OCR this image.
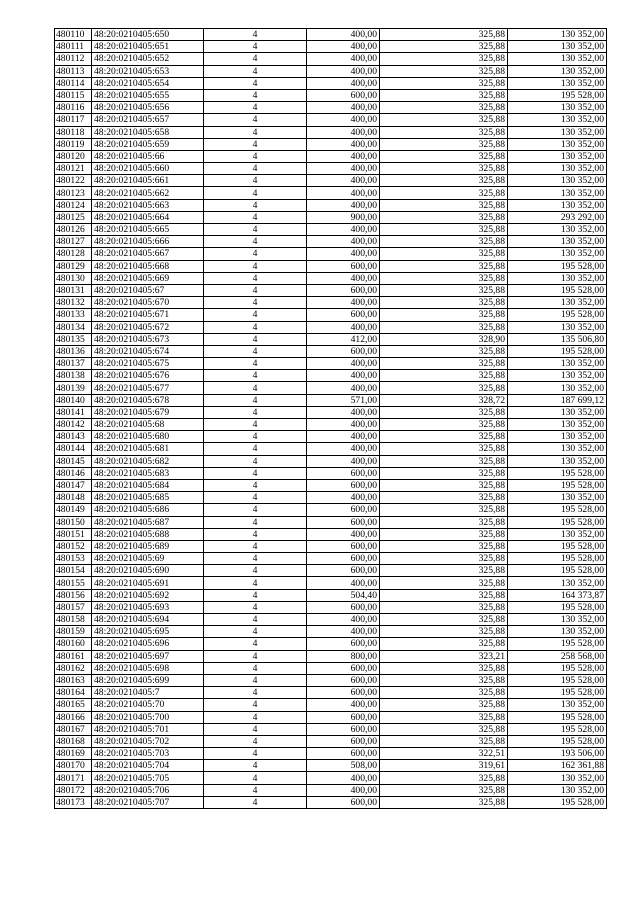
480110	48:20:0210405:650	4	400,00	325,88	130 352,00
480111	48:20:0210405:651	4	400,00	325,88	130 352,00
480112	48:20:0210405:652	4	400,00	325,88	130 352,00
480113	48:20:0210405:653	4	400,00	325,88	130 352,00
480114	48:20:0210405:654	4	400,00	325,88	130 352,00
480115	48:20:0210405:655	4	600,00	325,88	195 528,00
480116	48:20:0210405:656	4	400,00	325,88	130 352,00
480117	48:20:0210405:657	4	400,00	325,88	130 352,00
480118	48:20:0210405:658	4	400,00	325,88	130 352,00
480119	48:20:0210405:659	4	400,00	325,88	130 352,00
480120	48:20:0210405:66	4	400,00	325,88	130 352,00
480121	48:20:0210405:660	4	400,00	325,88	130 352,00
480122	48:20:0210405:661	4	400,00	325,88	130 352,00
480123	48:20:0210405:662	4	400,00	325,88	130 352,00
480124	48:20:0210405:663	4	400,00	325,88	130 352,00
480125	48:20:0210405:664	4	900,00	325,88	293 292,00
480126	48:20:0210405:665	4	400,00	325,88	130 352,00
480127	48:20:0210405:666	4	400,00	325,88	130 352,00
480128	48:20:0210405:667	4	400,00	325,88	130 352,00
480129	48:20:0210405:668	4	600,00	325,88	195 528,00
480130	48:20:0210405:669	4	400,00	325,88	130 352,00
480131	48:20:0210405:67	4	600,00	325,88	195 528,00
480132	48:20:0210405:670	4	400,00	325,88	130 352,00
480133	48:20:0210405:671	4	600,00	325,88	195 528,00
480134	48:20:0210405:672	4	400,00	325,88	130 352,00
480135	48:20:0210405:673	4	412,00	328,90	135 506,80
480136	48:20:0210405:674	4	600,00	325,88	195 528,00
480137	48:20:0210405:675	4	400,00	325,88	130 352,00
480138	48:20:0210405:676	4	400,00	325,88	130 352,00
480139	48:20:0210405:677	4	400,00	325,88	130 352,00
480140	48:20:0210405:678	4	571,00	328,72	187 699,12
480141	48:20:0210405:679	4	400,00	325,88	130 352,00
480142	48:20:0210405:68	4	400,00	325,88	130 352,00
480143	48:20:0210405:680	4	400,00	325,88	130 352,00
480144	48:20:0210405:681	4	400,00	325,88	130 352,00
480145	48:20:0210405:682	4	400,00	325,88	130 352,00
480146	48:20:0210405:683	4	600,00	325,88	195 528,00
480147	48:20:0210405:684	4	600,00	325,88	195 528,00
480148	48:20:0210405:685	4	400,00	325,88	130 352,00
480149	48:20:0210405:686	4	600,00	325,88	195 528,00
480150	48:20:0210405:687	4	600,00	325,88	195 528,00
480151	48:20:0210405:688	4	400,00	325,88	130 352,00
480152	48:20:0210405:689	4	600,00	325,88	195 528,00
480153	48:20:0210405:69	4	600,00	325,88	195 528,00
480154	48:20:0210405:690	4	600,00	325,88	195 528,00
480155	48:20:0210405:691	4	400,00	325,88	130 352,00
480156	48:20:0210405:692	4	504,40	325,88	164 373,87
480157	48:20:0210405:693	4	600,00	325,88	195 528,00
480158	48:20:0210405:694	4	400,00	325,88	130 352,00
480159	48:20:0210405:695	4	400,00	325,88	130 352,00
480160	48:20:0210405:696	4	600,00	325,88	195 528,00
480161	48:20:0210405:697	4	800,00	323,21	258 568,00
480162	48:20:0210405:698	4	600,00	325,88	195 528,00
480163	48:20:0210405:699	4	600,00	325,88	195 528,00
480164	48:20:0210405:7	4	600,00	325,88	195 528,00
480165	48:20:0210405:70	4	400,00	325,88	130 352,00
480166	48:20:0210405:700	4	600,00	325,88	195 528,00
480167	48:20:0210405:701	4	600,00	325,88	195 528,00
480168	48:20:0210405:702	4	600,00	325,88	195 528,00
480169	48:20:0210405:703	4	600,00	322,51	193 506,00
480170	48:20:0210405:704	4	508,00	319,61	162 361,88
480171	48:20:0210405:705	4	400,00	325,88	130 352,00
480172	48:20:0210405:706	4	400,00	325,88	130 352,00
480173	48:20:0210405:707	4	600,00	325,88	195 528,00
